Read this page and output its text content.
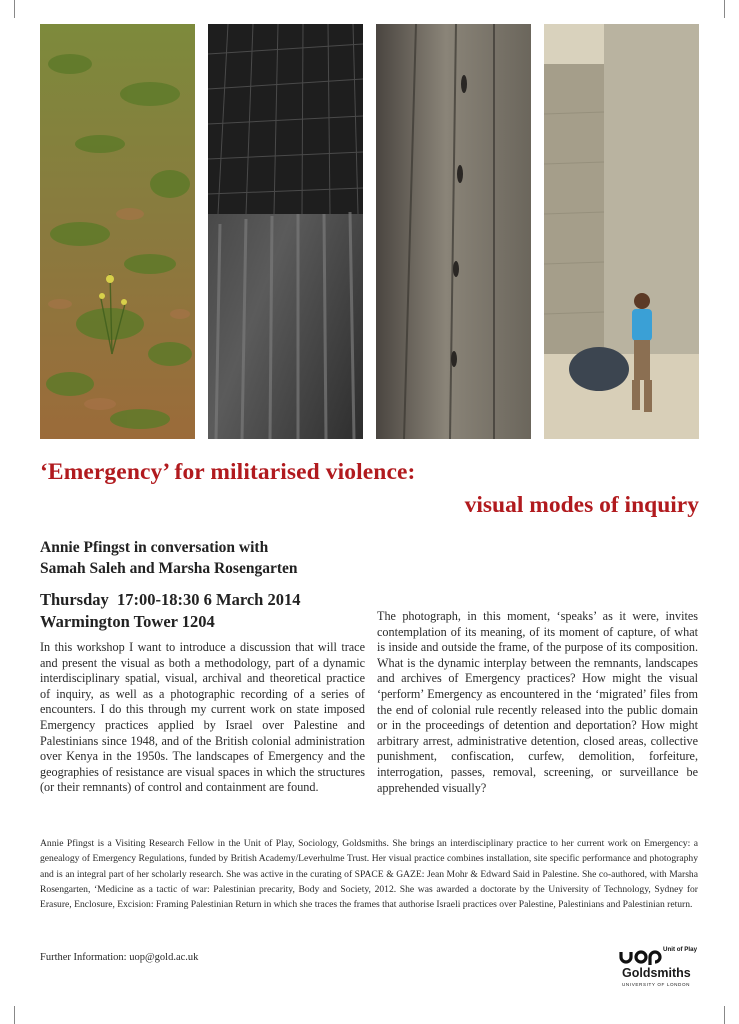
‘Emergency’ for militarised violence:
visual modes of inquiry
Annie Pfingst in conversation with
Samah Saleh and Marsha Rosengarten
Thursday  17:00-18:30 6 March 2014
Warmington Tower 1204
In this workshop I want to introduce a discussion that will trace and present the visual as both a methodology, part of a dynamic interdisciplinary spatial, visual, archival and theoretical practice of inquiry, as well as a photographic recording of a series of encounters. I do this through my current work on state imposed Emergency practices applied by Israel over Palestine and Palestinians since 1948, and of the British colonial administration over Kenya in the 1950s. The landscapes of Emergency and the geographies of resistance are visual spaces in which the structures (or their remnants) of control and containment are found.
The photograph, in this moment, ‘speaks’ as it were, invites contemplation of its meaning, of its moment of capture, of what is inside and outside the frame, of the purpose of its composition. What is the dynamic interplay between the remnants, landscapes and archives of Emergency practices? How might the visual ‘perform’ Emergency as encountered in the ‘migrated’ files from the end of colonial rule recently released into the public domain or in the proceedings of detention and deportation? How might arbitrary arrest, administrative detention, closed areas, collective punishment, confiscation, curfew, demolition, forfeiture, interrogation, passes, removal, screening, or surveillance be apprehended visually?
Annie Pfingst is a Visiting Research Fellow in the Unit of Play, Sociology, Goldsmiths. She brings an interdisciplinary practice to her current work on Emergency: a genealogy of Emergency Regulations, funded by British Academy/Leverhulme Trust. Her visual practice combines installation, site specific performance and photography and is an integral part of her scholarly research. She was active in the curating of SPACE & GAZE: Jean Mohr & Edward Said in Palestine. She co-authored, with Marsha Rosengarten, ‘Medicine as a tactic of war: Palestinian precarity, Body and Society, 2012. She was awarded a doctorate by the University of Technology, Sydney for Erasure, Enclosure, Excision: Framing Palestinian Return in which she traces the frames that authorise Israeli practices over Palestine, Palestinians and Palestinian return.
Further Information: uop@gold.ac.uk
Unit of Play
Goldsmiths
UNIVERSITY OF LONDON
